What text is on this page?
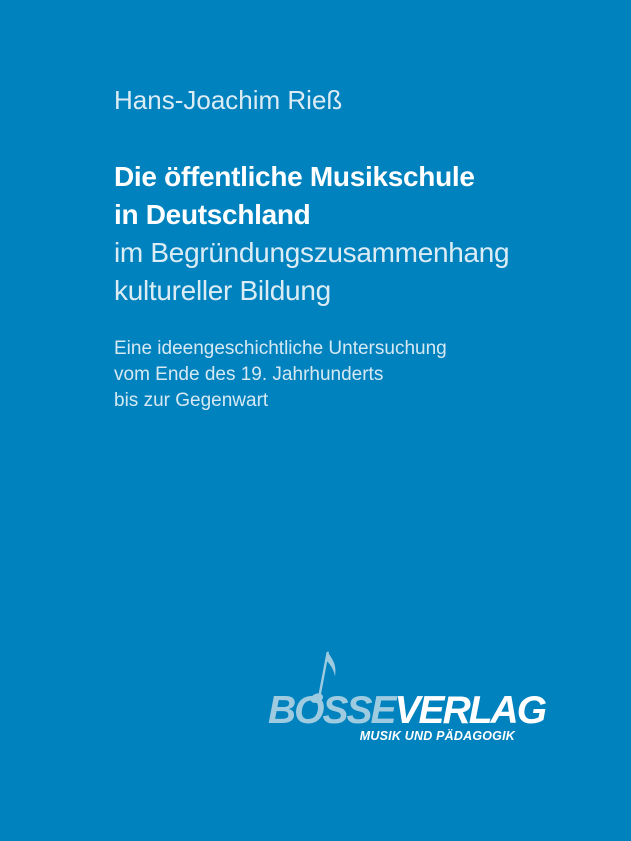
Hans-Joachim Rieß
Die öffentliche Musikschule
in Deutschland
im Begründungszusammenhang
kultureller Bildung
Eine ideengeschichtliche Untersuchung
vom Ende des 19. Jahrhunderts
bis zur Gegenwart
BOSSEVERLAG
MUSIK UND PÄDAGOGIK
